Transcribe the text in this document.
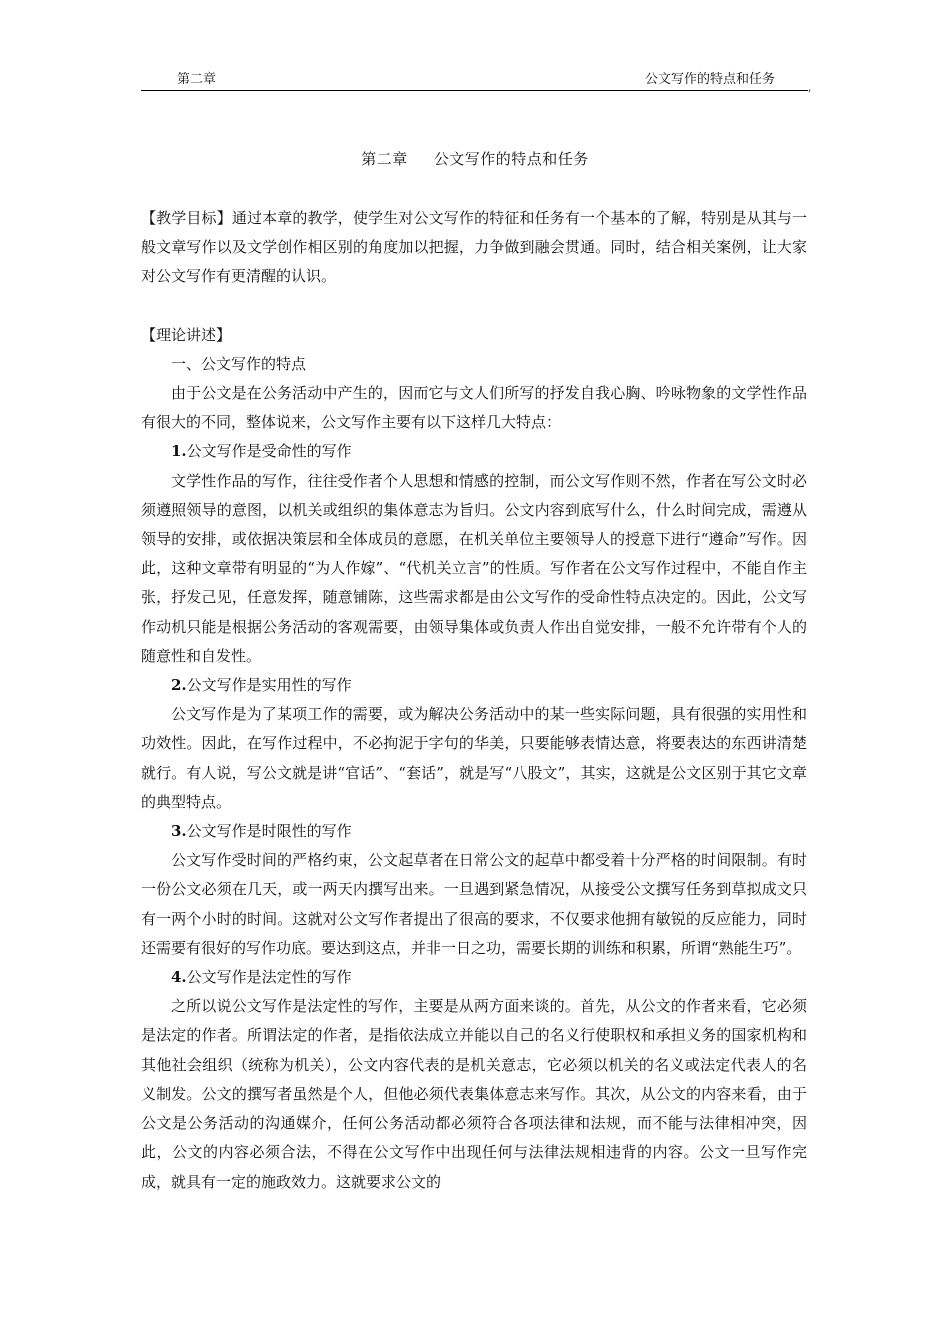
第二章	公文写作的特点和任务
,
第二章 公文写作的特点和任务

【教学目标】通过本章的教学，使学生对公文写作的特征和任务有一个基本的了解，特别是从其与一般文章写作以及文学创作相区别的角度加以把握，力争做到融会贯通。同时，结合相关案例，让大家对公文写作有更清醒的认识。

【理论讲述】

一、公文写作的特点

由于公文是在公务活动中产生的，因而它与文人们所写的抒发自我心胸、吟咏物象的文学性作品有很大的不同，整体说来，公文写作主要有以下这样几大特点：

1.公文写作是受命性的写作

文学性作品的写作，往往受作者个人思想和情感的控制，而公文写作则不然，作者在写公文时必须遵照领导的意图，以机关或组织的集体意志为旨归。公文内容到底写什么，什么时间完成，需遵从领导的安排，或依据决策层和全体成员的意愿，在机关单位主要领导人的授意下进行“遵命”写作。因此，这种文章带有明显的“为人作嫁”、“代机关立言”的性质。写作者在公文写作过程中，不能自作主张，抒发己见，任意发挥，随意铺陈，这些需求都是由公文写作的受命性特点决定的。因此，公文写作动机只能是根据公务活动的客观需要，由领导集体或负责人作出自觉安排，一般不允许带有个人的随意性和自发性。

2.公文写作是实用性的写作

公文写作是为了某项工作的需要，或为解决公务活动中的某一些实际问题，具有很强的实用性和功效性。因此，在写作过程中，不必拘泥于字句的华美，只要能够表情达意，将要表达的东西讲清楚就行。有人说，写公文就是讲“官话”、“套话”，就是写“八股文”，其实，这就是公文区别于其它文章的典型特点。

3.公文写作是时限性的写作

公文写作受时间的严格约束，公文起草者在日常公文的起草中都受着十分严格的时间限制。有时一份公文必须在几天，或一两天内撰写出来。一旦遇到紧急情况，从接受公文撰写任务到草拟成文只有一两个小时的时间。这就对公文写作者提出了很高的要求，不仅要求他拥有敏锐的反应能力，同时还需要有很好的写作功底。要达到这点，并非一日之功，需要长期的训练和积累，所谓“熟能生巧”。

4.公文写作是法定性的写作

之所以说公文写作是法定性的写作，主要是从两方面来谈的。首先，从公文的作者来看，它必须是法定的作者。所谓法定的作者，是指依法成立并能以自己的名义行使职权和承担义务的国家机构和其他社会组织（统称为机关），公文内容代表的是机关意志，它必须以机关的名义或法定代表人的名义制发。公文的撰写者虽然是个人，但他必须代表集体意志来写作。其次，从公文的内容来看，由于公文是公务活动的沟通媒介，任何公务活动都必须符合各项法律和法规，而不能与法律相冲突，因此，公文的内容必须合法，不得在公文写作中出现任何与法律法规相违背的内容。公文一旦写作完成，就具有一定的施政效力。这就要求公文的
